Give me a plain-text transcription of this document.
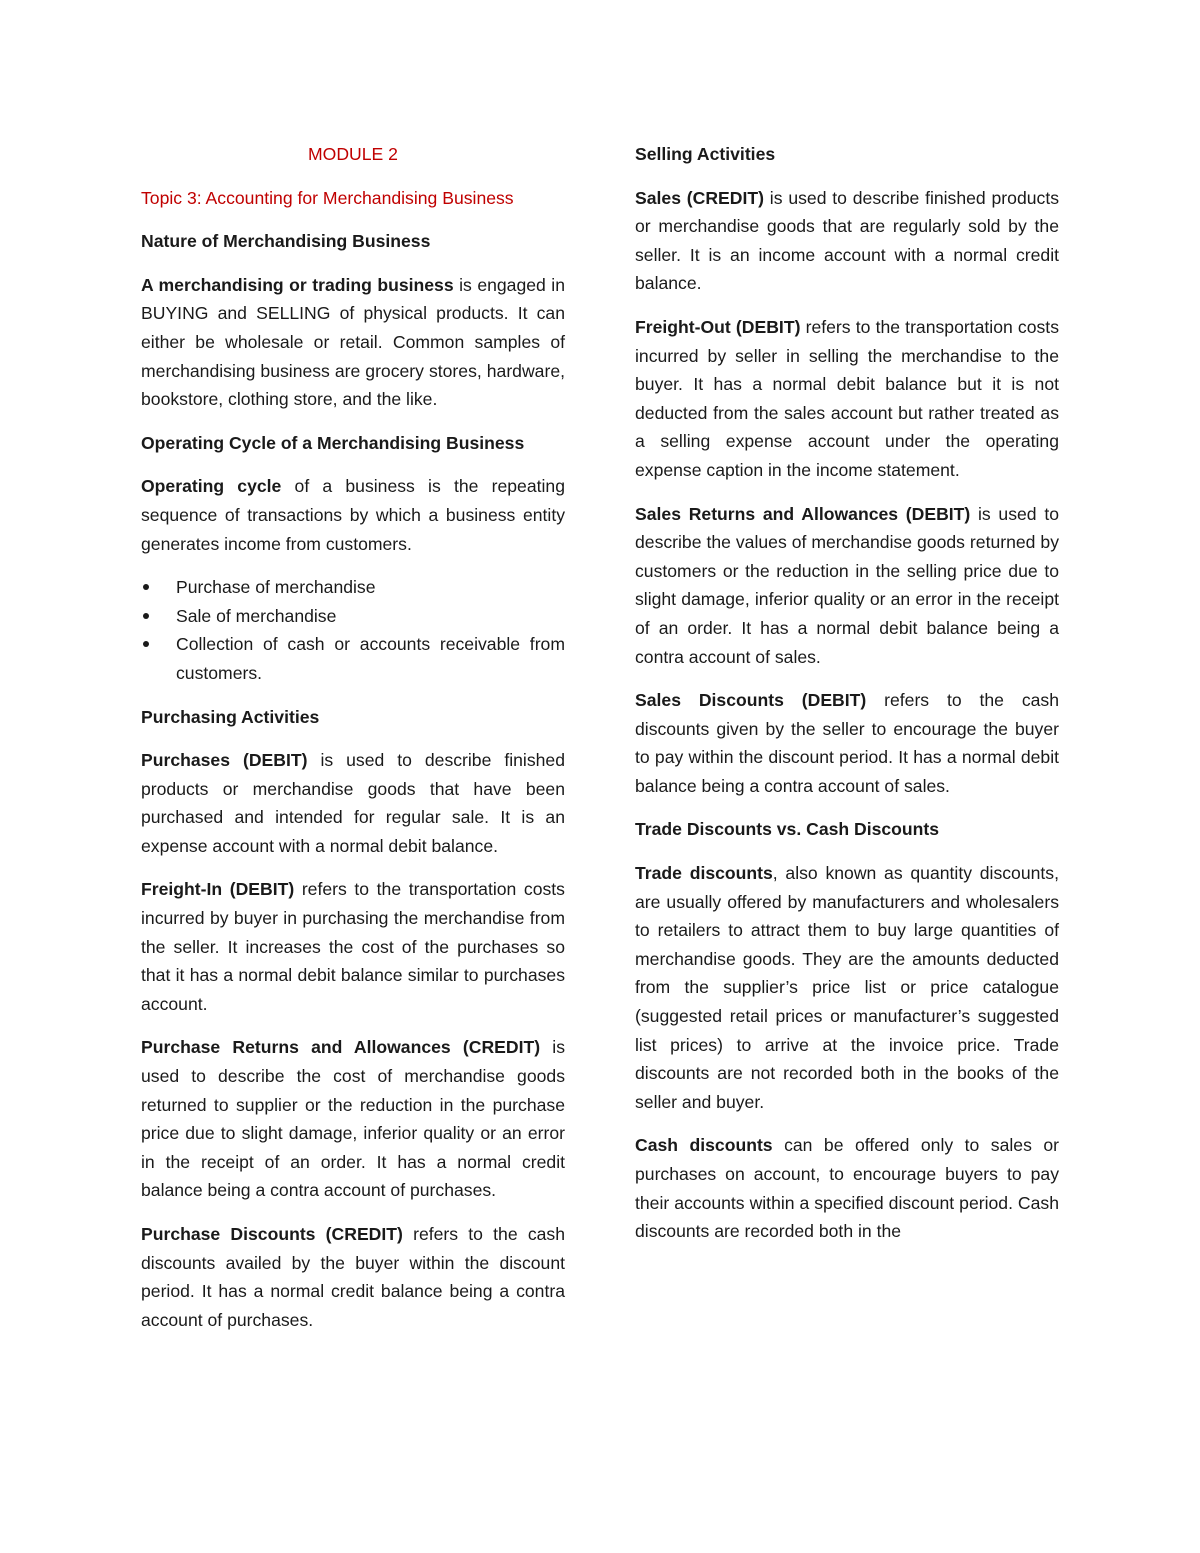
MODULE 2

Topic 3: Accounting for Merchandising Business

Nature of Merchandising Business

A merchandising or trading business is engaged in BUYING and SELLING of physical products. It can either be wholesale or retail. Common samples of merchandising business are grocery stores, hardware, bookstore, clothing store, and the like.

Operating Cycle of a Merchandising Business

Operating cycle of a business is the repeating sequence of transactions by which a business entity generates income from customers.

Purchase of merchandise
Sale of merchandise
Collection of cash or accounts receivable from customers.

Purchasing Activities

Purchases (DEBIT) is used to describe finished products or merchandise goods that have been purchased and intended for regular sale. It is an expense account with a normal debit balance.

Freight-In (DEBIT) refers to the transportation costs incurred by buyer in purchasing the merchandise from the seller. It increases the cost of the purchases so that it has a normal debit balance similar to purchases account.

Purchase Returns and Allowances (CREDIT) is used to describe the cost of merchandise goods returned to supplier or the reduction in the purchase price due to slight damage, inferior quality or an error in the receipt of an order. It has a normal credit balance being a contra account of purchases.

Purchase Discounts (CREDIT) refers to the cash discounts availed by the buyer within the discount period. It has a normal credit balance being a contra account of purchases.

Selling Activities

Sales (CREDIT) is used to describe finished products or merchandise goods that are regularly sold by the seller. It is an income account with a normal credit balance.

Freight-Out (DEBIT) refers to the transportation costs incurred by seller in selling the merchandise to the buyer. It has a normal debit balance but it is not deducted from the sales account but rather treated as a selling expense account under the operating expense caption in the income statement.

Sales Returns and Allowances (DEBIT) is used to describe the values of merchandise goods returned by customers or the reduction in the selling price due to slight damage, inferior quality or an error in the receipt of an order. It has a normal debit balance being a contra account of sales.

Sales Discounts (DEBIT) refers to the cash discounts given by the seller to encourage the buyer to pay within the discount period. It has a normal debit balance being a contra account of sales.

Trade Discounts vs. Cash Discounts

Trade discounts, also known as quantity discounts, are usually offered by manufacturers and wholesalers to retailers to attract them to buy large quantities of merchandise goods. They are the amounts deducted from the supplier’s price list or price catalogue (suggested retail prices or manufacturer’s suggested list prices) to arrive at the invoice price. Trade discounts are not recorded both in the books of the seller and buyer.

Cash discounts can be offered only to sales or purchases on account, to encourage buyers to pay their accounts within a specified discount period. Cash discounts are recorded both in the
